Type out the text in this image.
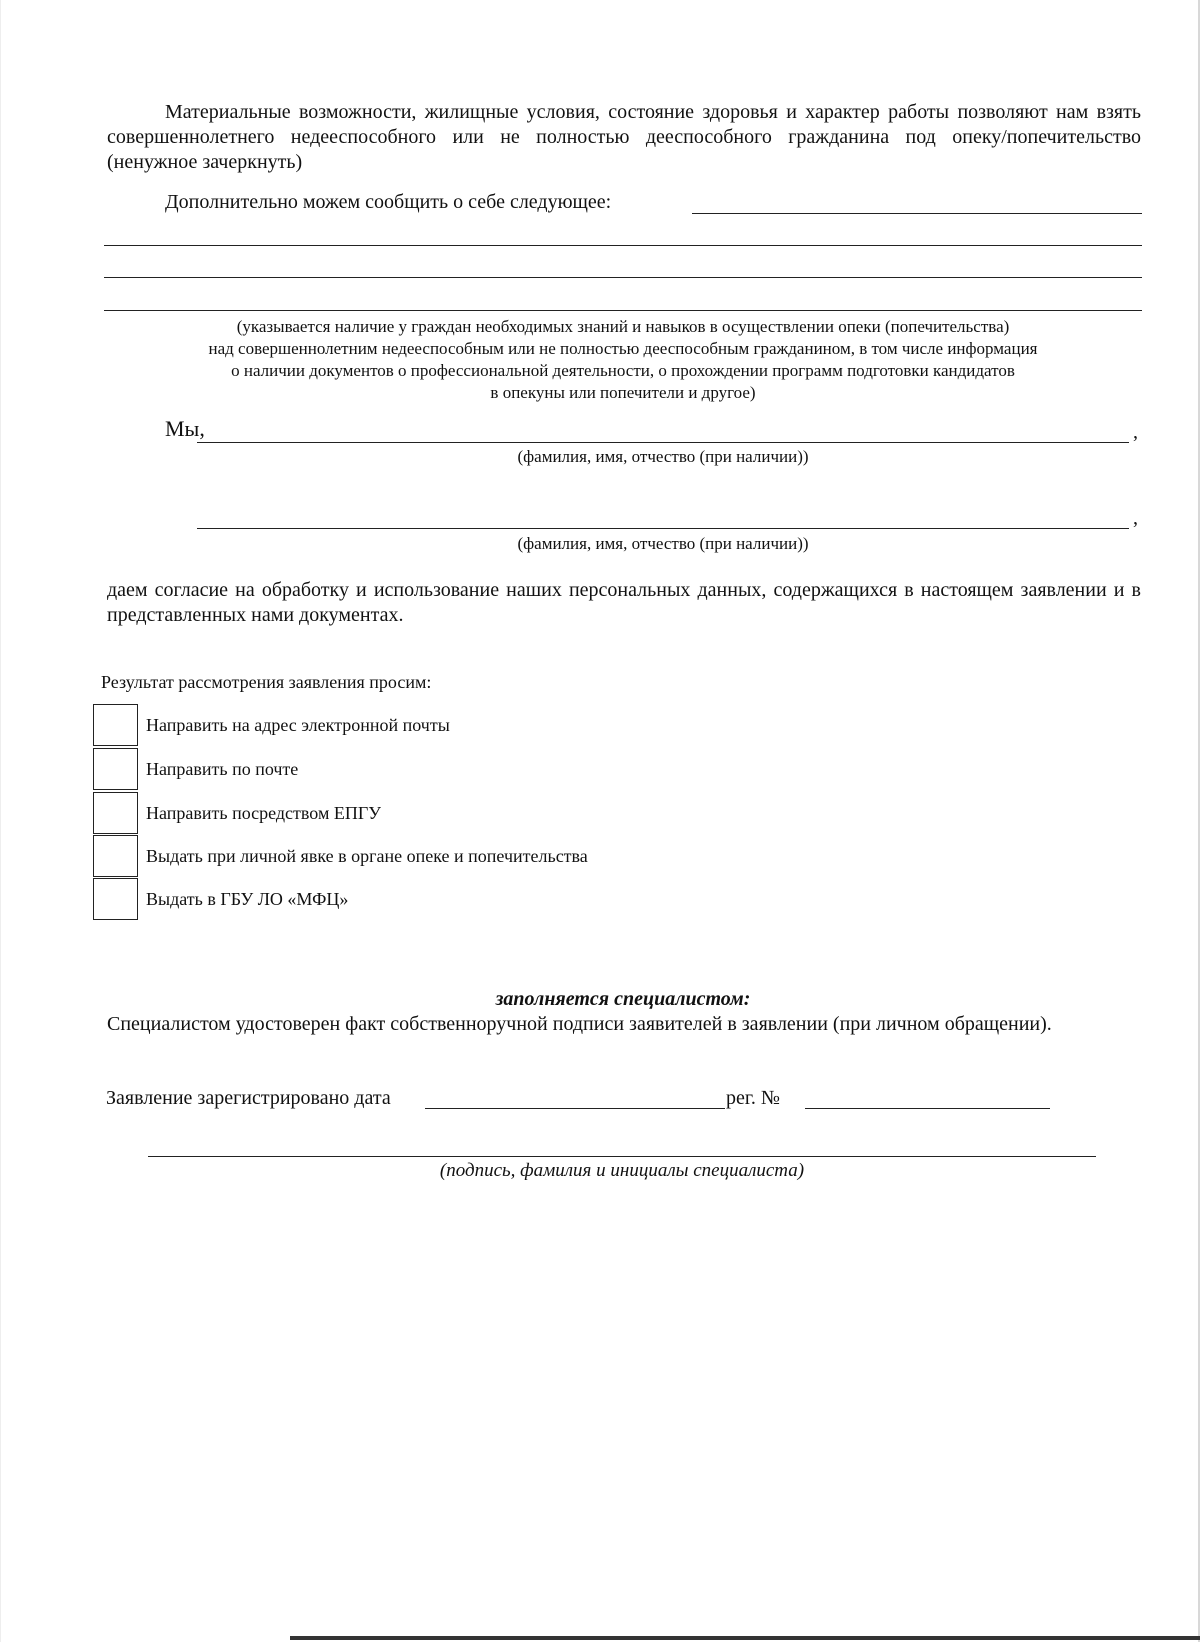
Материальные возможности, жилищные условия, состояние здоровья и характер работы позволяют нам взять совершеннолетнего недееспособного или не полностью дееспособного гражданина под опеку/попечительство (ненужное зачеркнуть)
Дополнительно можем сообщить о себе следующее:
(указывается наличие у граждан необходимых знаний и навыков в осуществлении опеки (попечительства)
над совершеннолетним недееспособным или не полностью дееспособным гражданином, в том числе информация
о наличии документов о профессиональной деятельности, о прохождении программ подготовки кандидатов
в опекуны или попечители и другое)
Мы,	,
(фамилия, имя, отчество (при наличии))
,
(фамилия, имя, отчество (при наличии))
даем согласие на обработку и использование наших персональных данных, содержащихся в настоящем заявлении и в представленных нами документах.
Результат рассмотрения заявления просим:
Направить на адрес электронной почты
Направить по почте
Направить посредством ЕПГУ
Выдать при личной явке в органе опеке и попечительства
Выдать в ГБУ ЛО «МФЦ»
заполняется специалистом:
Специалистом удостоверен факт собственноручной подписи заявителей в заявлении (при личном обращении).
Заявление зарегистрировано дата	рег. №
(подпись, фамилия и инициалы специалиста)
